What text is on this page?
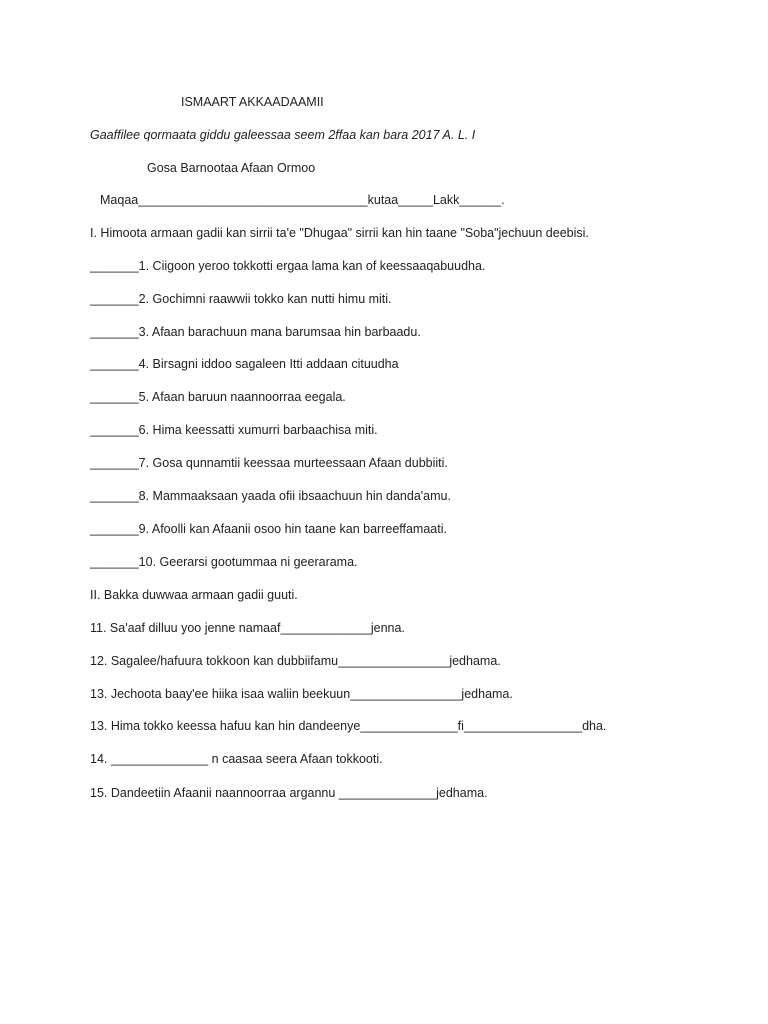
ISMAART AKKAADAAMII
Gaaffilee qormaata giddu galeessaa seem 2ffaa kan bara 2017 A. L. I
Gosa Barnootaa Afaan Ormoo
Maqaa_________________________________kutaa_____Lakk______.
I. Himoota armaan gadii kan sirrii ta'e "Dhugaa" sirrii kan hin taane "Soba"jechuun deebisi.
_______1. Ciigoon yeroo tokkotti ergaa lama kan of keessaaqabuudha.
_______2. Gochimni raawwii tokko kan nutti himu miti.
_______3. Afaan barachuun mana barumsaa hin barbaadu.
_______4. Birsagni iddoo sagaleen Itti addaan cituudha
_______5. Afaan baruun naannoorraa eegala.
_______6. Hima keessatti xumurri barbaachisa miti.
_______7. Gosa qunnamtii keessaa murteessaan Afaan dubbiiti.
_______8. Mammaaksaan yaada ofii ibsaachuun hin danda'amu.
_______9. Afoolli kan Afaanii osoo hin taane kan barreeffamaati.
_______10. Geerarsi gootummaa ni geerarama.
II. Bakka duwwaa armaan gadii guuti.
11. Sa'aaf dilluu yoo jenne namaaf_____________jenna.
12. Sagalee/hafuura tokkoon kan dubbiifamu________________jedhama.
13. Jechoota baay'ee hiika isaa waliin beekuun________________jedhama.
13. Hima tokko keessa hafuu kan hin dandeenye______________fi_________________dha.
14. ______________ n caasaa seera Afaan tokkooti.
15. Dandeetiin Afaanii naannoorraa argannu ______________jedhama.
